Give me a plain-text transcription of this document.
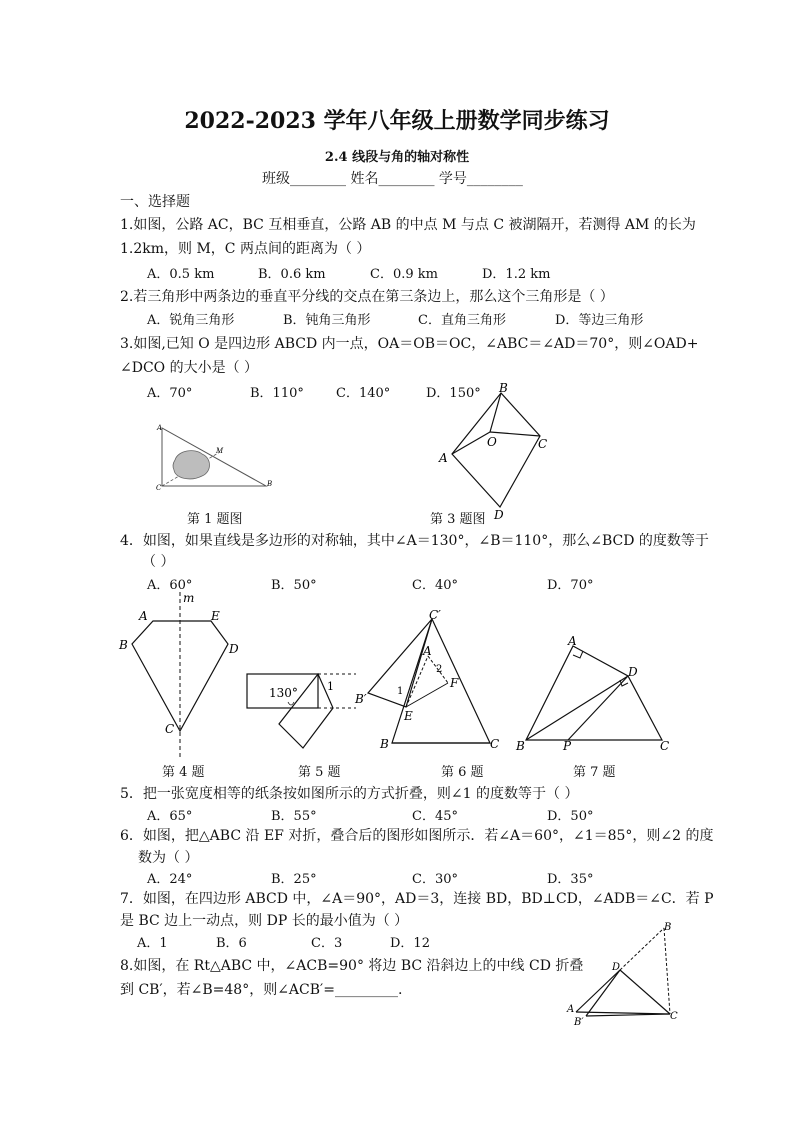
2022-2023 学年八年级上册数学同步练习
2.4 线段与角的轴对称性
班级________ 姓名________ 学号________
一、选择题
1.如图，公路 AC，BC 互相垂直，公路 AB 的中点 M 与点 C 被湖隔开，若测得 AM 的长为
1.2km，则 M，C 两点间的距离为（ ）
A．0.5 km	B．0.6 km	C．0.9 km	D．1.2 km
2.若三角形中两条边的垂直平分线的交点在第三条边上，那么这个三角形是（ ）
A．锐角三角形	B．钝角三角形	C．直角三角形	D．等边三角形
3.如图,已知 O 是四边形 ABCD 内一点，OA＝OB＝OC，∠ABC＝∠AD＝70°，则∠OAD+
∠DCO 的大小是（ ）
A．70°	B．110° C．140°	D．150°
A
M
C	B
第 1 题图
B
O	C
A
D
第 3 题图
4．如图，如果直线是多边形的对称轴，其中∠A＝130°，∠B＝110°，那么∠BCD 的度数等于
（ ）
A．60°	B．50°	C．40°	D．70°
m
A	E
B	D
C
第 4 题
130°	1
第 5 题
C′
A
2
B′
1
F
E
B	C
第 6 题
A
D
B	P	C
第 7 题
5．把一张宽度相等的纸条按如图所示的方式折叠，则∠1 的度数等于（ ）
A．65°	B．55°	C．45°	D．50°
6．如图，把△ABC 沿 EF 对折，叠合后的图形如图所示．若∠A＝60°，∠1＝85°，则∠2 的度
数为（ ）
A．24°	B．25°	C．30°	D．35°
7．如图，在四边形 ABCD 中，∠A＝90°，AD＝3，连接 BD，BD⊥CD，∠ADB＝∠C．若 P
是 BC 边上一动点，则 DP 长的最小值为（ ）
A．1	B．6	C．3	D．12
8.如图，在 Rt△ABC 中，∠ACB=90° 将边 BC 沿斜边上的中线 CD 折叠
到 CB′，若∠B=48°，则∠ACB′=_________.
B
D
A
B′
C
